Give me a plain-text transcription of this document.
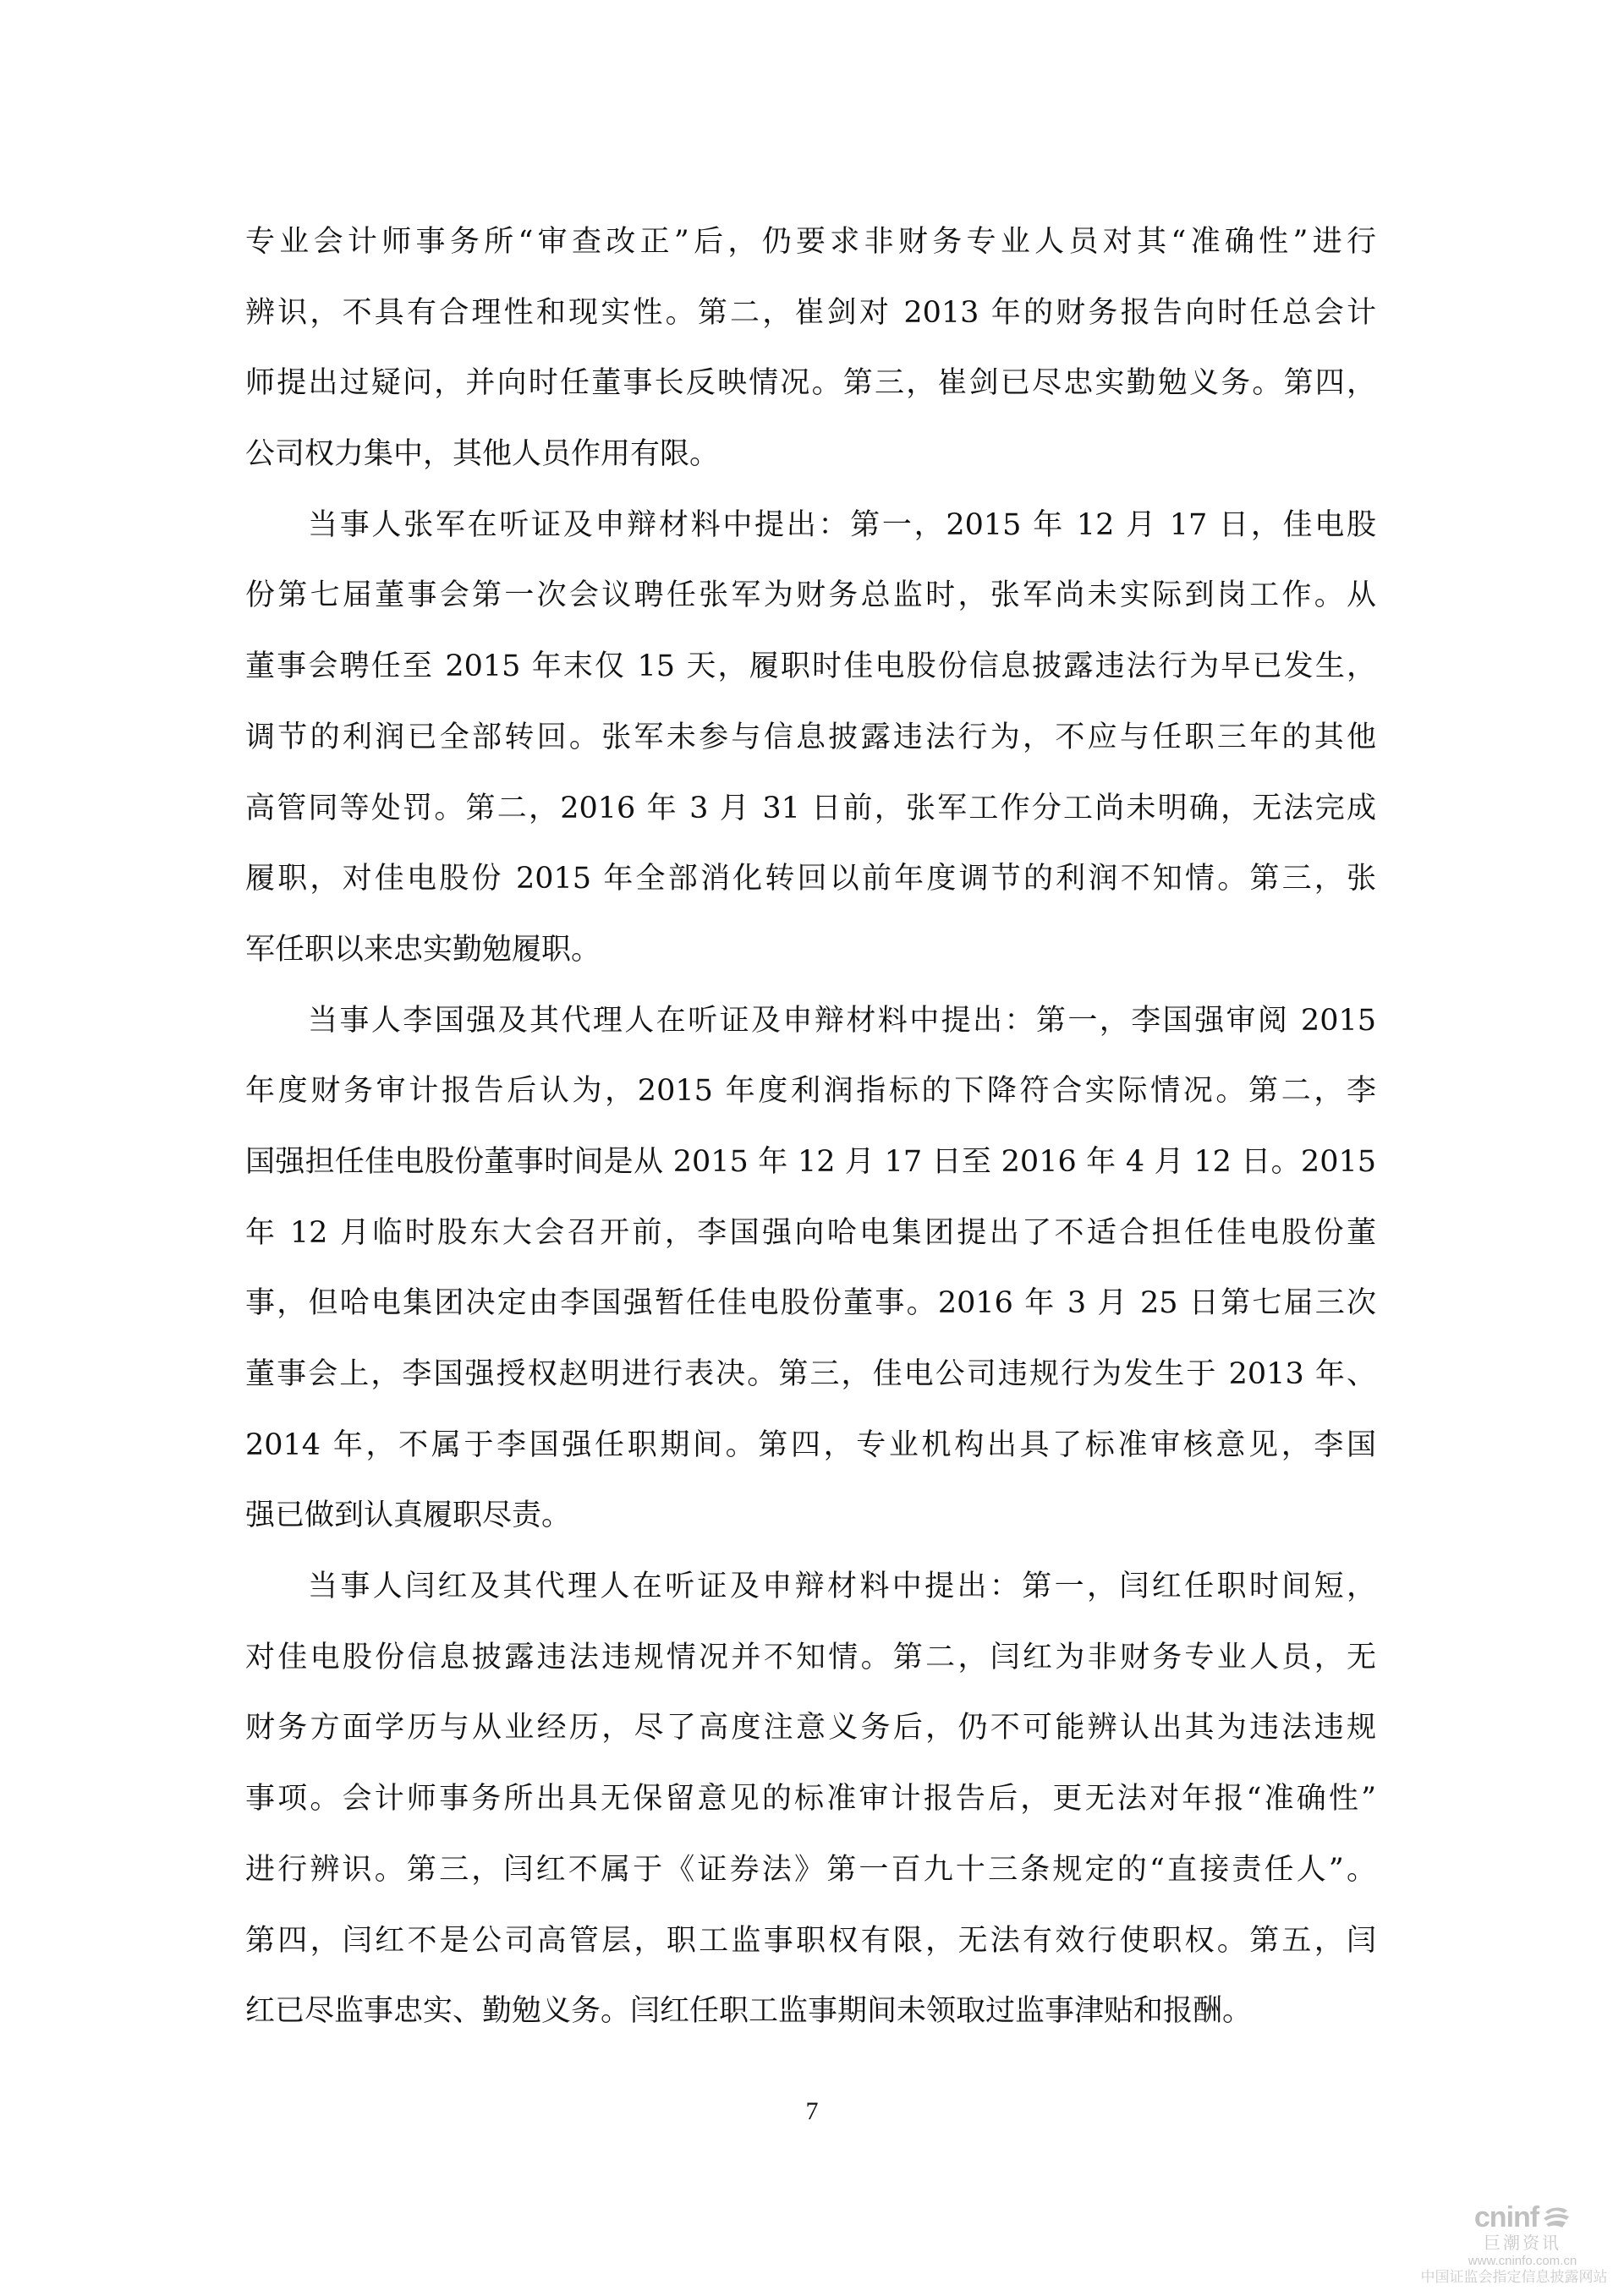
专业会计师事务所“审查改正”后，仍要求非财务专业人员对其“准确性”进行
辨识，不具有合理性和现实性。第二，崔剑对 2013 年的财务报告向时任总会计
师提出过疑问，并向时任董事长反映情况。第三，崔剑已尽忠实勤勉义务。第四，
公司权力集中，其他人员作用有限。
当事人张军在听证及申辩材料中提出：第一，2015 年 12 月 17 日，佳电股
份第七届董事会第一次会议聘任张军为财务总监时，张军尚未实际到岗工作。从
董事会聘任至 2015 年末仅 15 天，履职时佳电股份信息披露违法行为早已发生，
调节的利润已全部转回。张军未参与信息披露违法行为，不应与任职三年的其他
高管同等处罚。第二，2016 年 3 月 31 日前，张军工作分工尚未明确，无法完成
履职，对佳电股份 2015 年全部消化转回以前年度调节的利润不知情。第三，张
军任职以来忠实勤勉履职。
当事人李国强及其代理人在听证及申辩材料中提出：第一，李国强审阅 2015
年度财务审计报告后认为，2015 年度利润指标的下降符合实际情况。第二，李
国强担任佳电股份董事时间是从 2015 年 12 月 17 日至 2016 年 4 月 12 日。2015
年 12 月临时股东大会召开前，李国强向哈电集团提出了不适合担任佳电股份董
事，但哈电集团决定由李国强暂任佳电股份董事。2016 年 3 月 25 日第七届三次
董事会上，李国强授权赵明进行表决。第三，佳电公司违规行为发生于 2013 年、
2014 年，不属于李国强任职期间。第四，专业机构出具了标准审核意见，李国
强已做到认真履职尽责。
当事人闫红及其代理人在听证及申辩材料中提出：第一，闫红任职时间短，
对佳电股份信息披露违法违规情况并不知情。第二，闫红为非财务专业人员，无
财务方面学历与从业经历，尽了高度注意义务后，仍不可能辨认出其为违法违规
事项。会计师事务所出具无保留意见的标准审计报告后，更无法对年报“准确性”
进行辨识。第三，闫红不属于《证券法》第一百九十三条规定的“直接责任人”。
第四，闫红不是公司高管层，职工监事职权有限，无法有效行使职权。第五，闫
红已尽监事忠实、勤勉义务。闫红任职工监事期间未领取过监事津贴和报酬。
7
cninf
巨潮资讯
www.cninfo.com.cn
中国证监会指定信息披露网站
